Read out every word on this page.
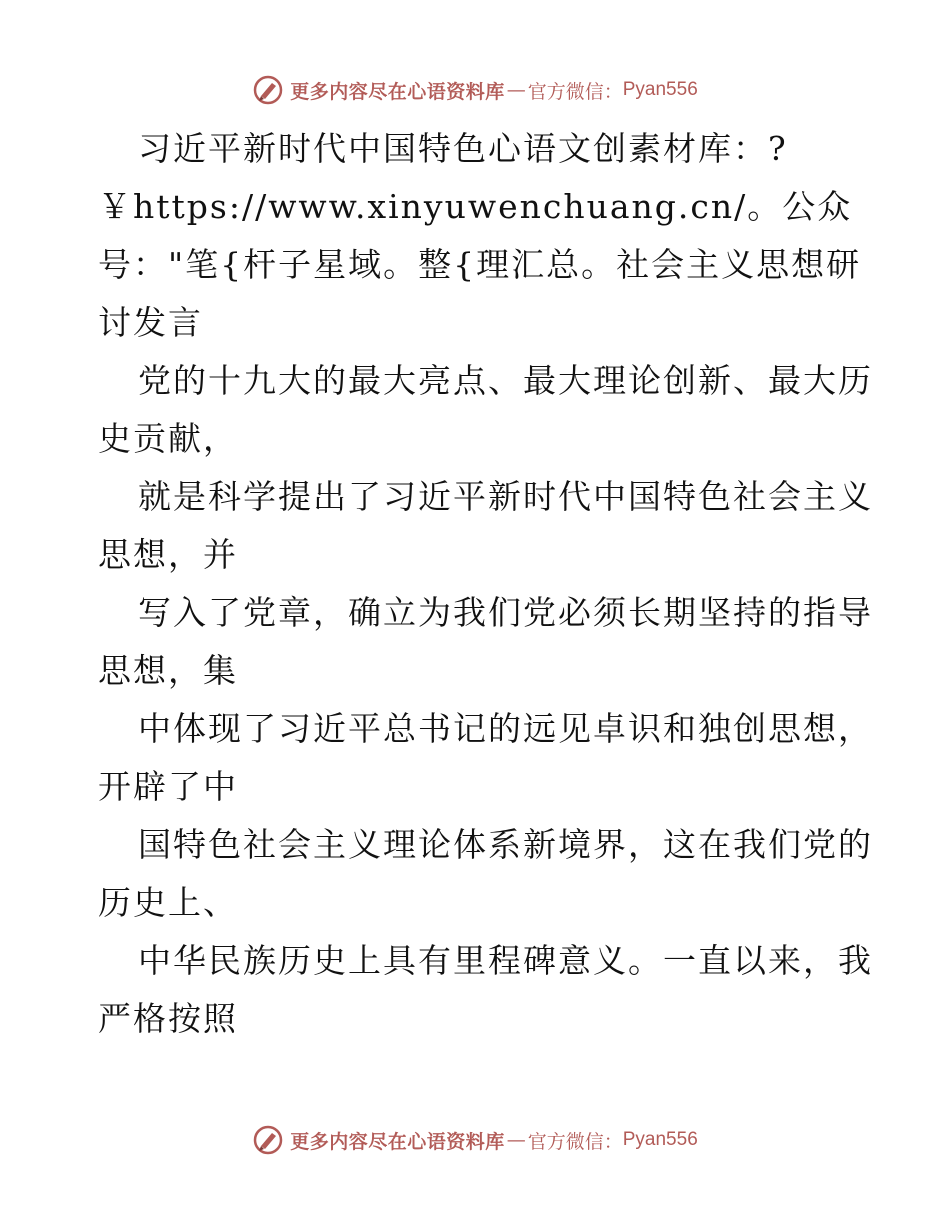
更多内容尽在心语资料库 — 官方微信： Pyan556
习近平新时代中国特色心语文创素材库：?
￥https://www.xinyuwenchuang.cn/。公众
号："笔{杆子星域。整{理汇总。社会主义思想研
讨发言
党的十九大的最大亮点、最大理论创新、最大历
史贡献，
就是科学提出了习近平新时代中国特色社会主义
思想，并
写入了党章，确立为我们党必须长期坚持的指导
思想，集
中体现了习近平总书记的远见卓识和独创思想，
开辟了中
国特色社会主义理论体系新境界，这在我们党的
历史上、
中华民族历史上具有里程碑意义。一直以来，我
严格按照
更多内容尽在心语资料库 — 官方微信： Pyan556
